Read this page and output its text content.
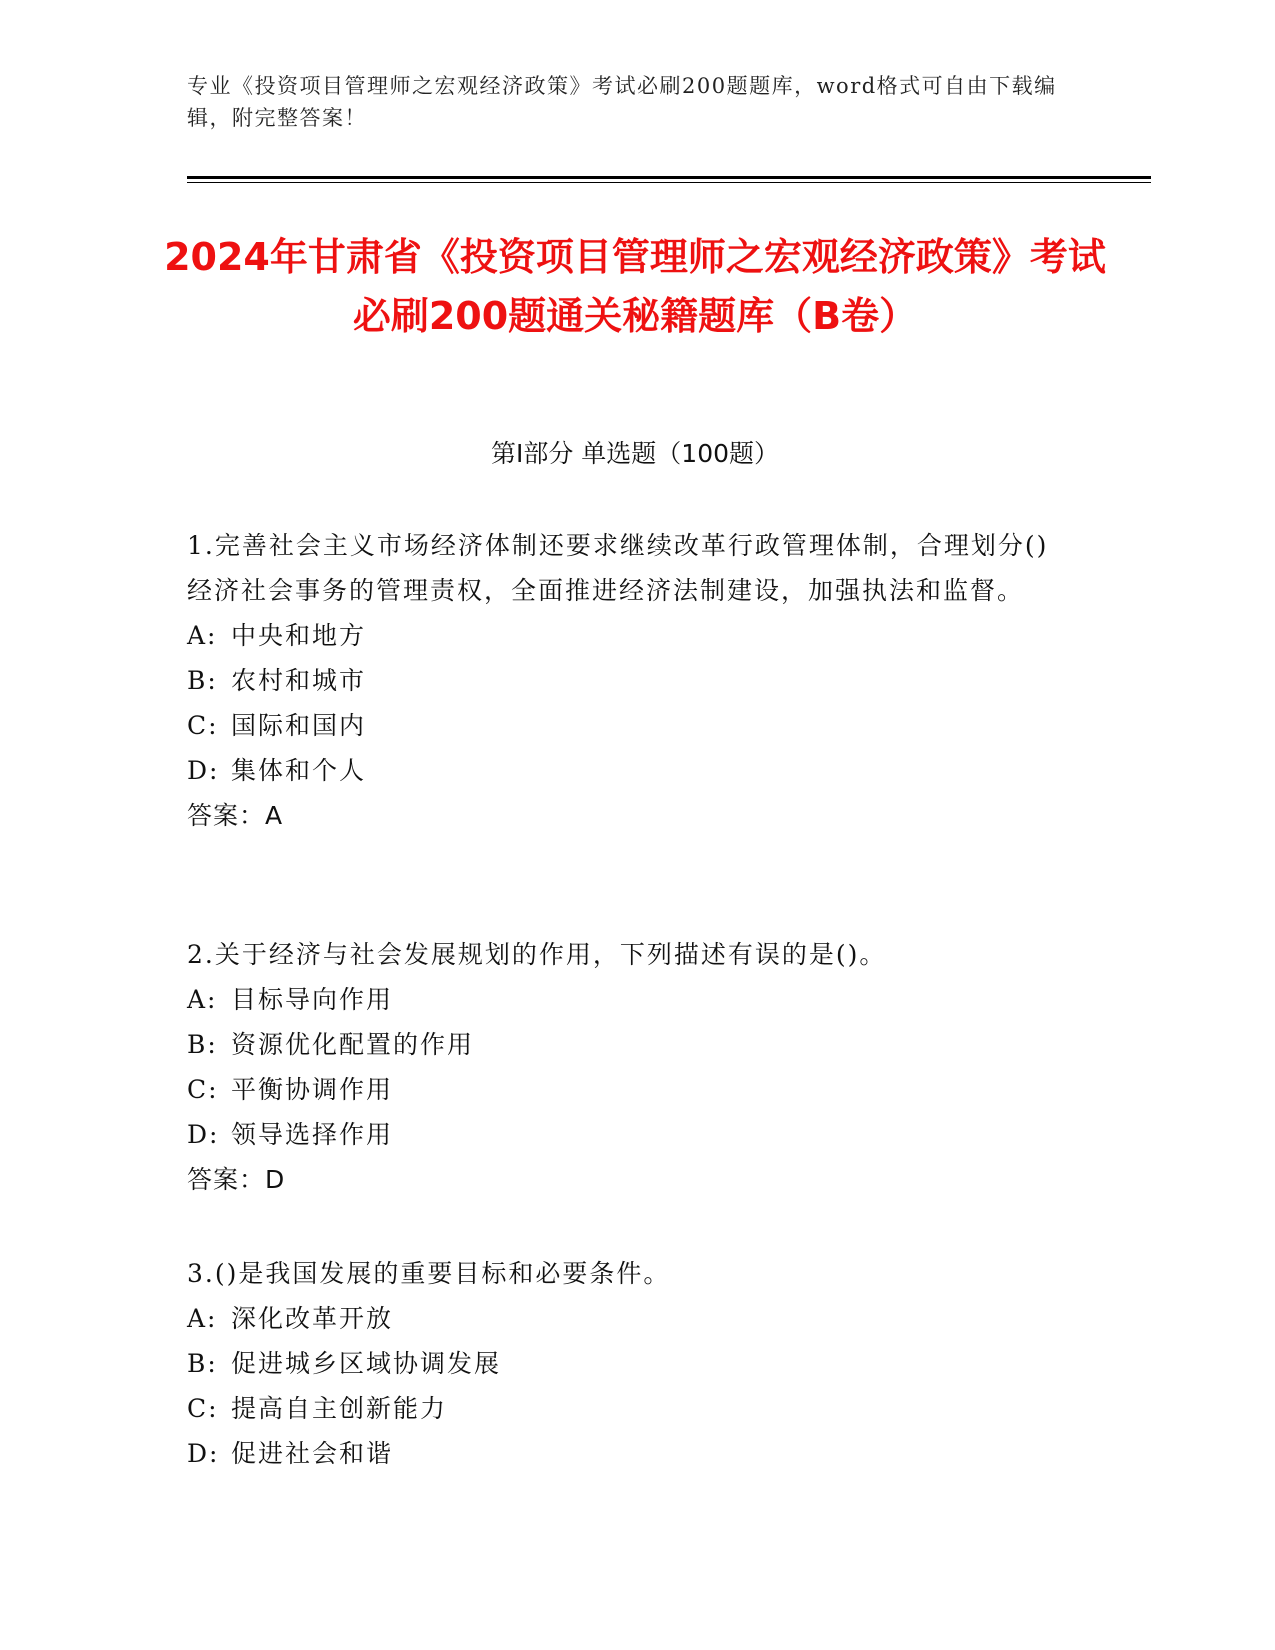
专业《投资项目管理师之宏观经济政策》考试必刷200题题库，word格式可自由下载编辑，附完整答案！
2024年甘肃省《投资项目管理师之宏观经济政策》考试必刷200题通关秘籍题库（B卷）
第I部分 单选题（100题）

1.完善社会主义市场经济体制还要求继续改革行政管理体制，合理划分()经济社会事务的管理责权，全面推进经济法制建设，加强执法和监督。

A: 中央和地方

B: 农村和城市

C: 国际和国内

D: 集体和个人

答案：A

2.关于经济与社会发展规划的作用，下列描述有误的是()。

A: 目标导向作用

B: 资源优化配置的作用

C: 平衡协调作用

D: 领导选择作用

答案：D

3.()是我国发展的重要目标和必要条件。

A: 深化改革开放

B: 促进城乡区域协调发展

C: 提高自主创新能力

D: 促进社会和谐
